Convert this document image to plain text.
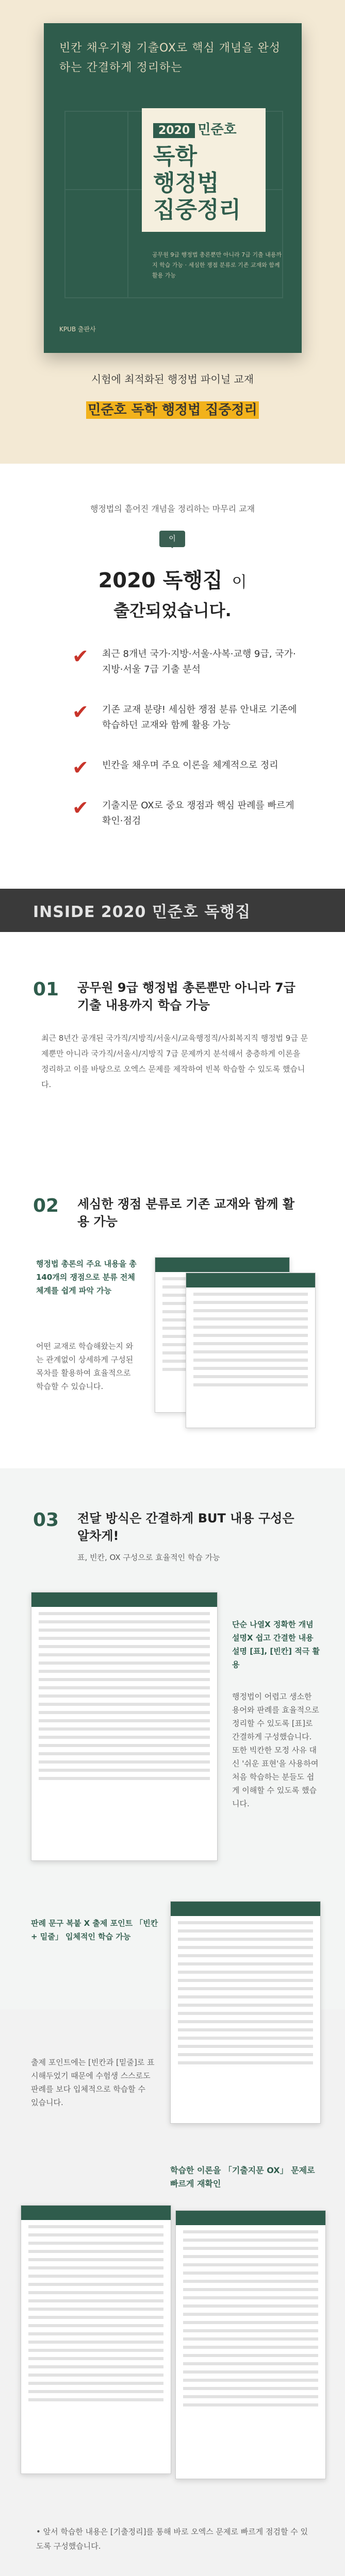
빈칸 채우기형 기출OX로 핵심 개념을 완성하는 간결하게 정리하는
2020 민준호
독학
행정법
집중정리
공무원 9급 행정법 총론뿐만 아니라 7급 기출 내용까지 학습 가능 · 세심한 쟁점 분류로 기존 교재와 함께 활용 가능
KPUB 출판사
시험에 최적화된 행정법 파이널 교재
민준호 독학 행정법 집중정리
행정법의 흩어진 개념을 정리하는 마무리 교재
이
2020 독행집 이
출간되었습니다.
✔ 최근 8개년 국가·지방·서울·사복·교행 9급, 국가·지방·서울 7급 기출 분석
✔ 기존 교재 분량! 세심한 쟁점 분류 안내로 기존에 학습하던 교재와 함께 활용 가능
✔ 빈칸을 채우며 주요 이론을 체계적으로 정리
✔ 기출지문 OX로 중요 쟁점과 핵심 판례를 빠르게 확인·점검
INSIDE 2020 민준호 독행집
01 공무원 9급 행정법 총론뿐만 아니라 7급 기출 내용까지 학습 가능
최근 8년간 공개된 국가직/지방직/서울시/교육행정직/사회복지직 행정법 9급 문제뿐만 아니라 국가직/서울시/지방직 7급 문제까지 분석해서 충층하게 이론을 정리하고 이를 바탕으로 오엑스 문제를 제작하여 빈복 학습할 수 있도록 했습니다.
02 세심한 쟁점 분류로 기존 교재와 함께 활용 가능
행정법 총론의 주요 내용을 총 140개의 쟁점으로 분류 전체 체계를 쉽게 파악 가능
어떤 교재로 학습해왔는지 와는 관계없이 상세하게 구성된 목차를 활용하여 효율적으로 학습할 수 있습니다.
03 전달 방식은 간결하게 BUT 내용 구성은 알차게!
표, 빈칸, OX 구성으로 효율적인 학습 가능
단순 나열X 정확한 개념 설명X 쉽고 간결한 내용 설명 [표], [빈칸] 적극 활용
행정법이 어렵고 생소한 용어와 판례를 효율적으로 정리할 수 있도록 [표]로 간결하게 구성했습니다. 또한 빅칸한 모정 사유 대신 '쉬운 표현'을 사용하여 처음 학습하는 분들도 쉽게 이해할 수 있도록 했습니다.
판례 문구 복붙 X 출제 포인트 「빈칸 + 밑줄」 입체적인 학습 가능
출제 포인트에는 [빈칸과 [밑줄]로 표시해두었기 때문에 수험생 스스로도 판례를 보다 입체적으로 학습할 수 있습니다.
학습한 이론을 「기출지문 OX」 문제로 빠르게 재확인
• 앞서 학습한 내용은 [기출정리]를 통해 바로 오엑스 문제로 빠르게 점검할 수 있도록 구성했습니다.
